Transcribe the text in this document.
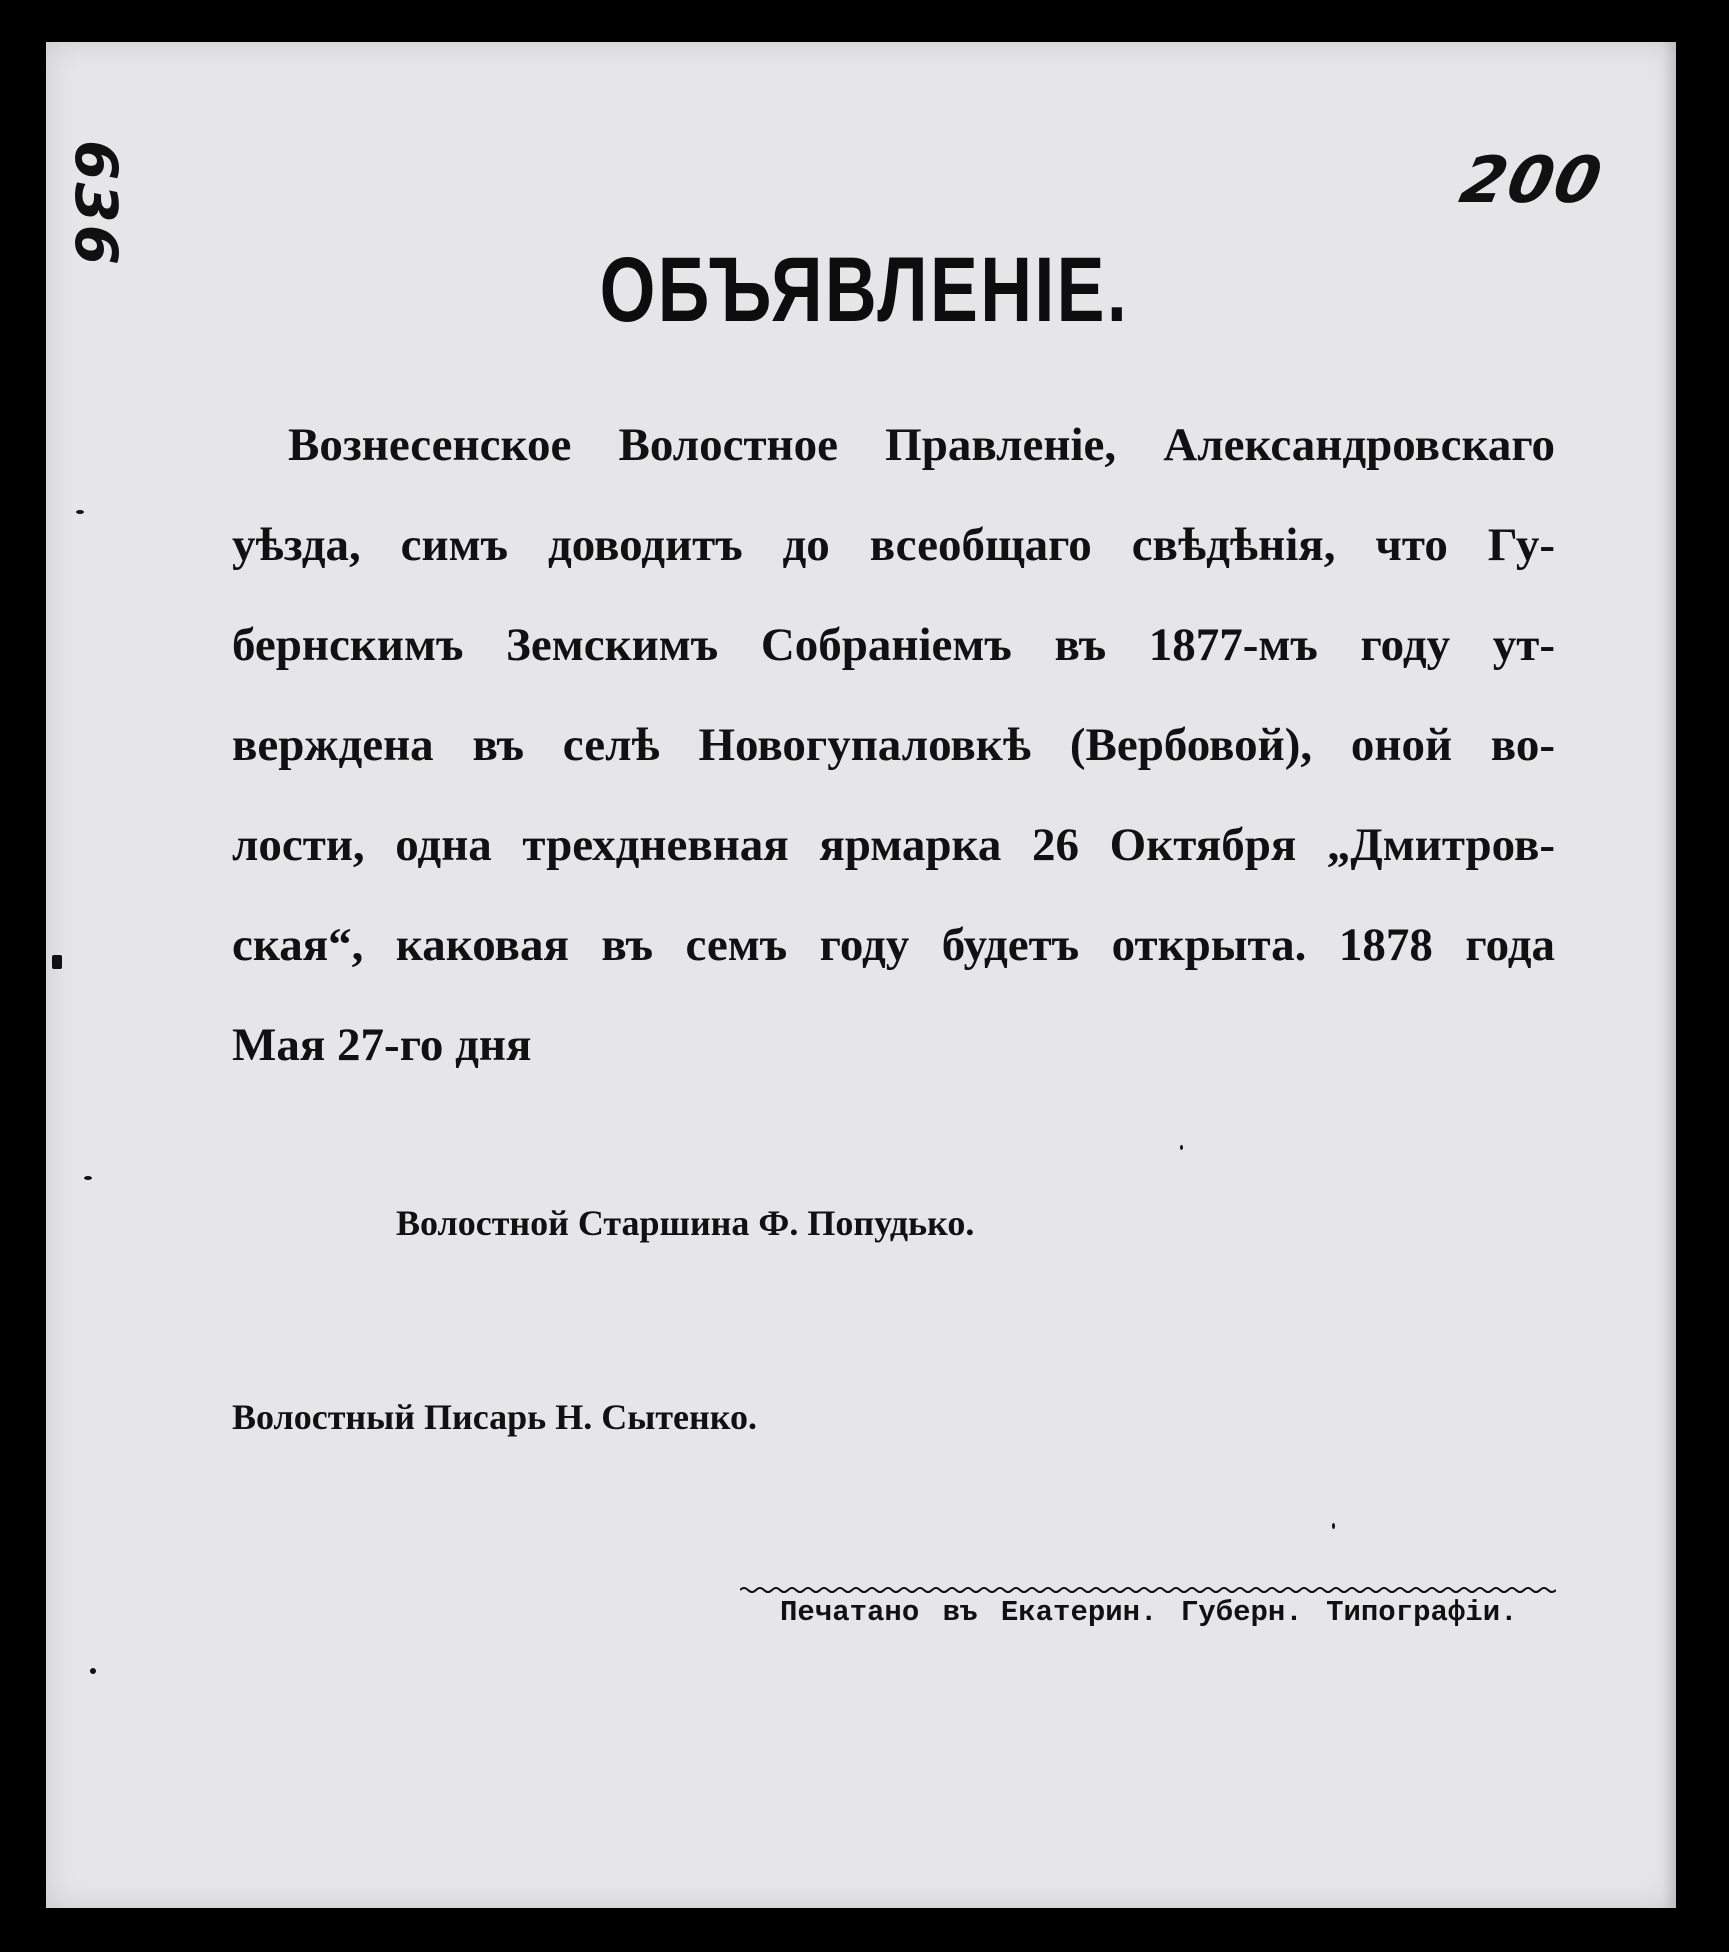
636	200
ОБЪЯВЛЕНІЕ.
Вознесенское Волостное Правленіе, Александровскаго
уѣзда, симъ доводитъ до всеобщаго свѣдѣнія, что Гу-
бернскимъ Земскимъ Собраніемъ въ 1877-мъ году ут-
верждена въ селѣ Новогупаловкѣ (Вербовой), оной во-
лости, одна трехдневная ярмарка 26 Октября „Дмитров-
ская“, каковая въ семъ году будетъ открыта. 1878 года
Мая 27-го дня
Волостной Старшина Ф. Попудько.
Волостный Писарь Н. Сытенко.
Печатано въ Екатерин. Губерн. Типографіи.
